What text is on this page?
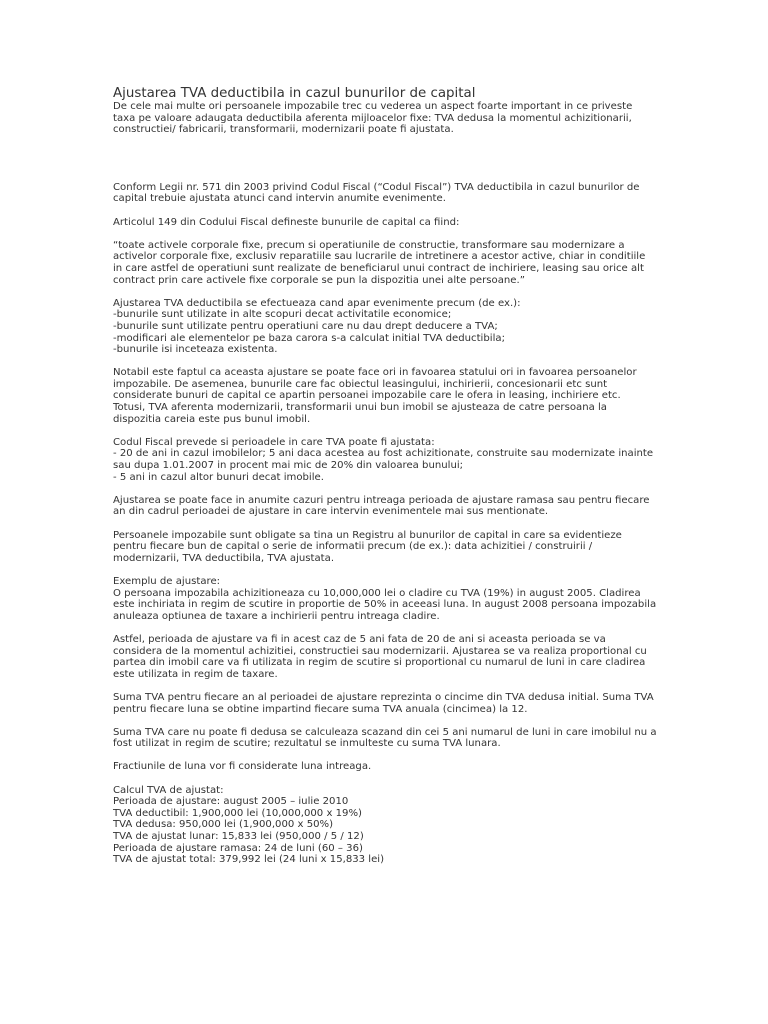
Ajustarea TVA deductibila in cazul bunurilor de capital

De cele mai multe ori persoanele impozabile trec cu vederea un aspect foarte important in ce priveste
taxa pe valoare adaugata deductibila aferenta mijloacelor fixe: TVA dedusa la momentul achizitionarii,
constructiei/ fabricarii, transformarii, modernizarii poate fi ajustata.

Conform Legii nr. 571 din 2003 privind Codul Fiscal (“Codul Fiscal”) TVA deductibila in cazul bunurilor de
capital trebuie ajustata atunci cand intervin anumite evenimente.

Articolul 149 din Codului Fiscal defineste bunurile de capital ca fiind:

“toate activele corporale fixe, precum si operatiunile de constructie, transformare sau modernizare a
activelor corporale fixe, exclusiv reparatiile sau lucrarile de intretinere a acestor active, chiar in conditiile
in care astfel de operatiuni sunt realizate de beneficiarul unui contract de inchiriere, leasing sau orice alt
contract prin care activele fixe corporale se pun la dispozitia unei alte persoane.”

Ajustarea TVA deductibila se efectueaza cand apar evenimente precum (de ex.):
-bunurile sunt utilizate in alte scopuri decat activitatile economice;
-bunurile sunt utilizate pentru operatiuni care nu dau drept deducere a TVA;
-modificari ale elementelor pe baza carora s-a calculat initial TVA deductibila;
-bunurile isi inceteaza existenta.

Notabil este faptul ca aceasta ajustare se poate face ori in favoarea statului ori in favoarea persoanelor
impozabile. De asemenea, bunurile care fac obiectul leasingului, inchirierii, concesionarii etc sunt
considerate bunuri de capital ce apartin persoanei impozabile care le ofera in leasing, inchiriere etc.
Totusi, TVA aferenta modernizarii, transformarii unui bun imobil se ajusteaza de catre persoana la
dispozitia careia este pus bunul imobil.

Codul Fiscal prevede si perioadele in care TVA poate fi ajustata:
- 20 de ani in cazul imobilelor; 5 ani daca acestea au fost achizitionate, construite sau modernizate inainte
sau dupa 1.01.2007 in procent mai mic de 20% din valoarea bunului;
- 5 ani in cazul altor bunuri decat imobile.

Ajustarea se poate face in anumite cazuri pentru intreaga perioada de ajustare ramasa sau pentru fiecare
an din cadrul perioadei de ajustare in care intervin evenimentele mai sus mentionate.

Persoanele impozabile sunt obligate sa tina un Registru al bunurilor de capital in care sa evidentieze
pentru fiecare bun de capital o serie de informatii precum (de ex.): data achizitiei / construirii /
modernizarii, TVA deductibila, TVA ajustata.

Exemplu de ajustare:
O persoana impozabila achizitioneaza cu 10,000,000 lei o cladire cu TVA (19%) in august 2005. Cladirea
este inchiriata in regim de scutire in proportie de 50% in aceeasi luna. In august 2008 persoana impozabila
anuleaza optiunea de taxare a inchirierii pentru intreaga cladire.

Astfel, perioada de ajustare va fi in acest caz de 5 ani fata de 20 de ani si aceasta perioada se va
considera de la momentul achizitiei, constructiei sau modernizarii. Ajustarea se va realiza proportional cu
partea din imobil care va fi utilizata in regim de scutire si proportional cu numarul de luni in care cladirea
este utilizata in regim de taxare.

Suma TVA pentru fiecare an al perioadei de ajustare reprezinta o cincime din TVA dedusa initial. Suma TVA
pentru fiecare luna se obtine impartind fiecare suma TVA anuala (cincimea) la 12.

Suma TVA care nu poate fi dedusa se calculeaza scazand din cei 5 ani numarul de luni in care imobilul nu a
fost utilizat in regim de scutire; rezultatul se inmulteste cu suma TVA lunara.

Fractiunile de luna vor fi considerate luna intreaga.

Calcul TVA de ajustat:
Perioada de ajustare: august 2005 – iulie 2010
TVA deductibil: 1,900,000 lei (10,000,000 x 19%)
TVA dedusa: 950,000 lei (1,900,000 x 50%)
TVA de ajustat lunar: 15,833 lei (950,000 / 5 / 12)
Perioada de ajustare ramasa: 24 de luni (60 – 36)
TVA de ajustat total: 379,992 lei (24 luni x 15,833 lei)
